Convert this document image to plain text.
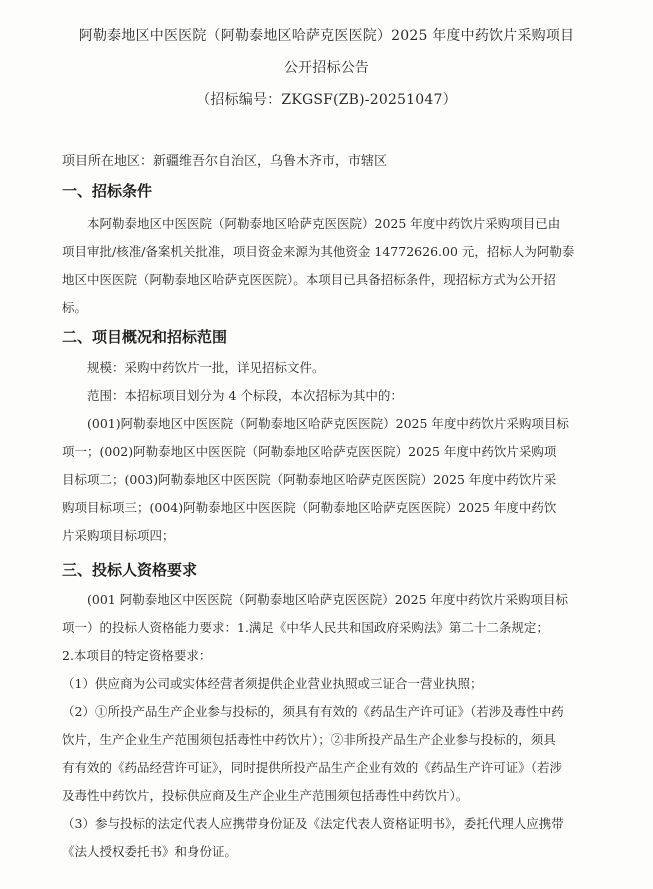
阿勒泰地区中医医院（阿勒泰地区哈萨克医医院）2025 年度中药饮片采购项目
公开招标公告
（招标编号：ZKGSF(ZB)-20251047）
项目所在地区：新疆维吾尔自治区，乌鲁木齐市，市辖区
一、招标条件
本阿勒泰地区中医医院（阿勒泰地区哈萨克医医院）2025 年度中药饮片采购项目已由
项目审批/核准/备案机关批准，项目资金来源为其他资金 14772626.00 元，招标人为阿勒泰
地区中医医院（阿勒泰地区哈萨克医医院）。本项目已具备招标条件，现招标方式为公开招
标。
二、项目概况和招标范围
规模：采购中药饮片一批，详见招标文件。
范围：本招标项目划分为 4 个标段，本次招标为其中的：
(001)阿勒泰地区中医医院（阿勒泰地区哈萨克医医院）2025 年度中药饮片采购项目标
项一；(002)阿勒泰地区中医医院（阿勒泰地区哈萨克医医院）2025 年度中药饮片采购项
目标项二；(003)阿勒泰地区中医医院（阿勒泰地区哈萨克医医院）2025 年度中药饮片采
购项目标项三；(004)阿勒泰地区中医医院（阿勒泰地区哈萨克医医院）2025 年度中药饮
片采购项目标项四；
三、投标人资格要求
(001 阿勒泰地区中医医院（阿勒泰地区哈萨克医医院）2025 年度中药饮片采购项目标
项一）的投标人资格能力要求：1.满足《中华人民共和国政府采购法》第二十二条规定；
2.本项目的特定资格要求：
（1）供应商为公司或实体经营者须提供企业营业执照或三证合一营业执照；
（2）①所投产品生产企业参与投标的，须具有有效的《药品生产许可证》（若涉及毒性中药
饮片，生产企业生产范围须包括毒性中药饮片）；②非所投产品生产企业参与投标的，须具
有有效的《药品经营许可证》，同时提供所投产品生产企业有效的《药品生产许可证》（若涉
及毒性中药饮片，投标供应商及生产企业生产范围须包括毒性中药饮片）。
（3）参与投标的法定代表人应携带身份证及《法定代表人资格证明书》，委托代理人应携带
《法人授权委托书》和身份证。
